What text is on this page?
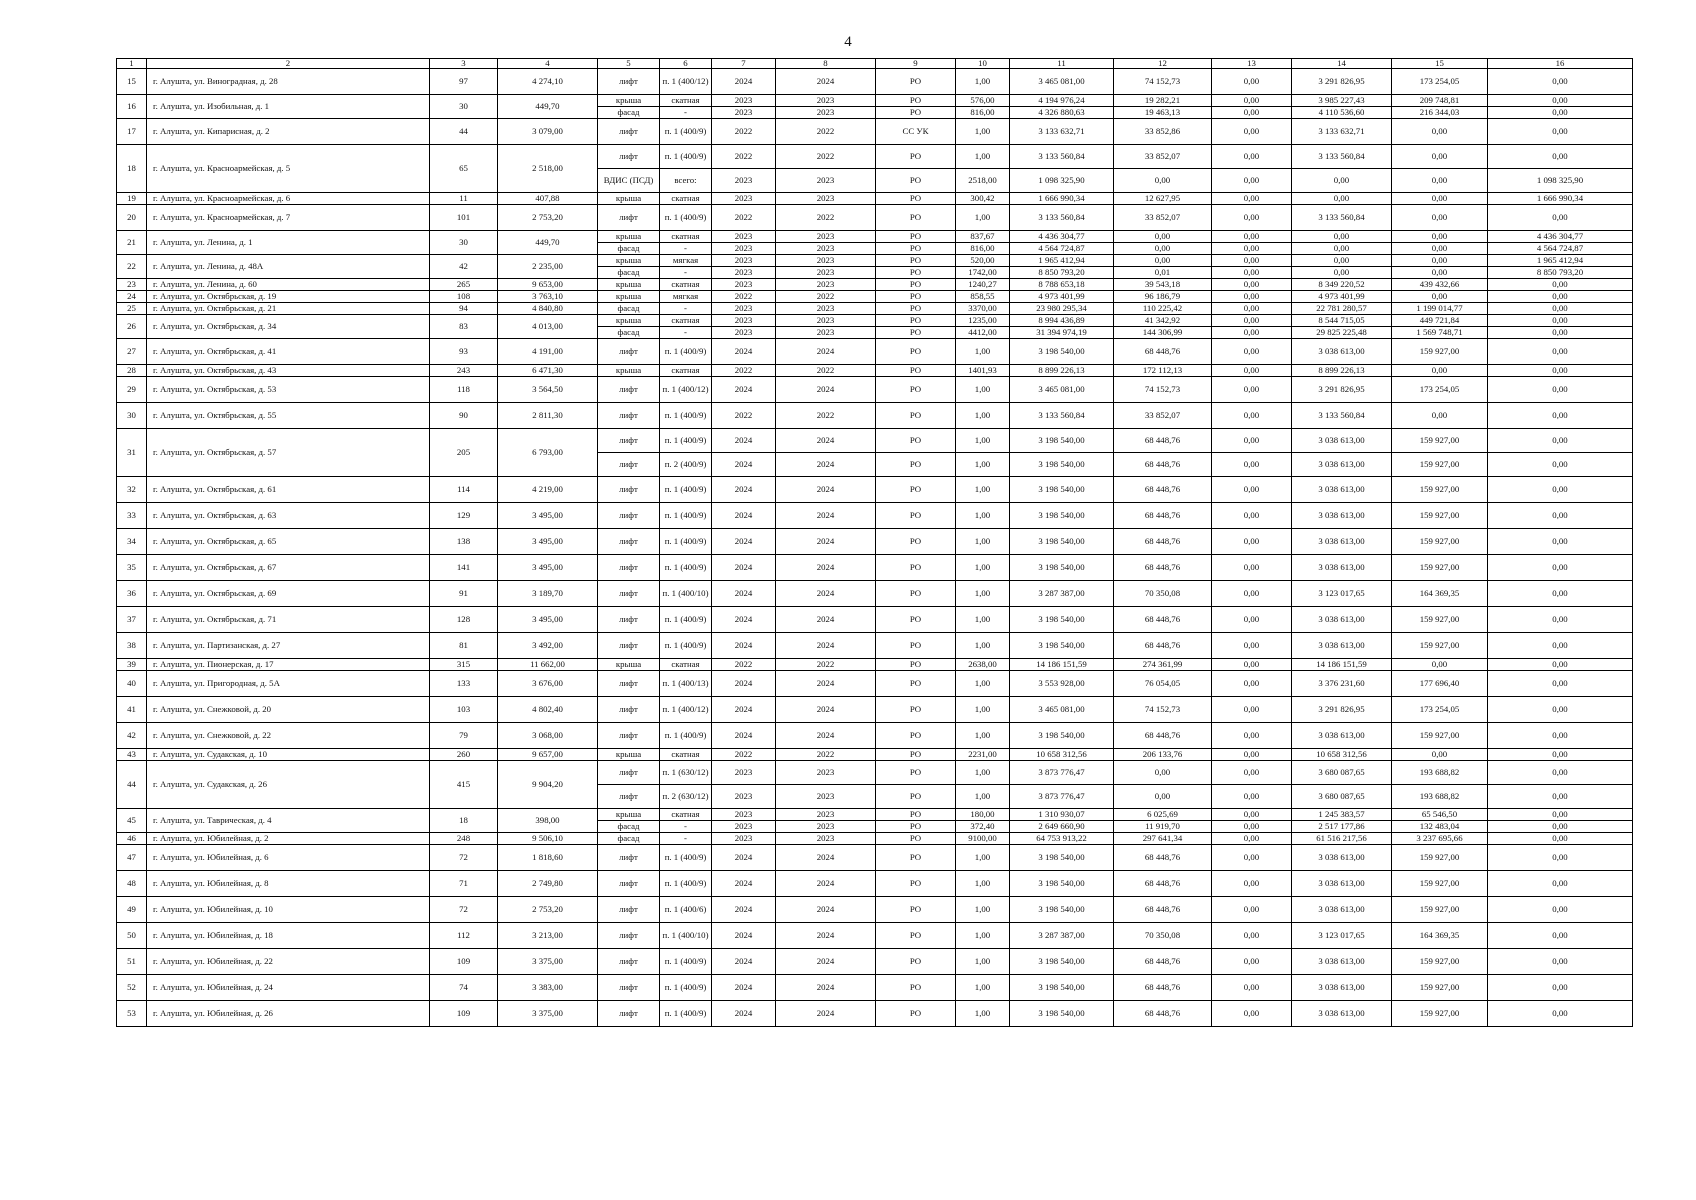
4
1	2	3	4	5	6	7	8	9	10	11	12	13	14	15	16
15	г. Алушта, ул. Виноградная, д. 28	97	4 274,10	лифт	п. 1 (400/12)	2024	2024	РО	1,00	3 465 081,00	74 152,73	0,00	3 291 826,95	173 254,05	0,00
16	г. Алушта, ул. Изобильная, д. 1	30	449,70	крыша	скатная	2023	2023	РО	576,00	4 194 976,24	19 282,21	0,00	3 985 227,43	209 748,81	0,00
				фасад	-	2023	2023	РО	816,00	4 326 880,63	19 463,13	0,00	4 110 536,60	216 344,03	0,00
17	г. Алушта, ул. Кипарисная, д. 2	44	3 079,00	лифт	п. 1 (400/9)	2022	2022	СС УК	1,00	3 133 632,71	33 852,86	0,00	3 133 632,71	0,00	0,00
18	г. Алушта, ул. Красноармейская, д. 5	65	2 518,00	лифт	п. 1 (400/9)	2022	2022	РО	1,00	3 133 560,84	33 852,07	0,00	3 133 560,84	0,00	0,00
				ВДИС (ПСД)	всего:	2023	2023	РО	2518,00	1 098 325,90	0,00	0,00	0,00	0,00	1 098 325,90
19	г. Алушта, ул. Красноармейская, д. 6	11	407,88	крыша	скатная	2023	2023	РО	300,42	1 666 990,34	12 627,95	0,00	0,00	0,00	1 666 990,34
20	г. Алушта, ул. Красноармейская, д. 7	101	2 753,20	лифт	п. 1 (400/9)	2022	2022	РО	1,00	3 133 560,84	33 852,07	0,00	3 133 560,84	0,00	0,00
21	г. Алушта, ул. Ленина, д. 1	30	449,70	крыша	скатная	2023	2023	РО	837,67	4 436 304,77	0,00	0,00	0,00	0,00	4 436 304,77
				фасад	-	2023	2023	РО	816,00	4 564 724,87	0,00	0,00	0,00	0,00	4 564 724,87
22	г. Алушта, ул. Ленина, д. 48А	42	2 235,00	крыша	мягкая	2023	2023	РО	520,00	1 965 412,94	0,00	0,00	0,00	0,00	1 965 412,94
				фасад	-	2023	2023	РО	1742,00	8 850 793,20	0,01	0,00	0,00	0,00	8 850 793,20
23	г. Алушта, ул. Ленина, д. 60	265	9 653,00	крыша	скатная	2023	2023	РО	1240,27	8 788 653,18	39 543,18	0,00	8 349 220,52	439 432,66	0,00
24	г. Алушта, ул. Октябрьская, д. 19	108	3 763,10	крыша	мягкая	2022	2022	РО	858,55	4 973 401,99	96 186,79	0,00	4 973 401,99	0,00	0,00
25	г. Алушта, ул. Октябрьская, д. 21	94	4 840,80	фасад	-	2023	2023	РО	3370,00	23 980 295,34	110 225,42	0,00	22 781 280,57	1 199 014,77	0,00
26	г. Алушта, ул. Октябрьская, д. 34	83	4 013,00	крыша	скатная	2023	2023	РО	1235,00	8 994 436,89	41 342,92	0,00	8 544 715,05	449 721,84	0,00
				фасад	-	2023	2023	РО	4412,00	31 394 974,19	144 306,99	0,00	29 825 225,48	1 569 748,71	0,00
27	г. Алушта, ул. Октябрьская, д. 41	93	4 191,00	лифт	п. 1 (400/9)	2024	2024	РО	1,00	3 198 540,00	68 448,76	0,00	3 038 613,00	159 927,00	0,00
28	г. Алушта, ул. Октябрьская, д. 43	243	6 471,30	крыша	скатная	2022	2022	РО	1401,93	8 899 226,13	172 112,13	0,00	8 899 226,13	0,00	0,00
29	г. Алушта, ул. Октябрьская, д. 53	118	3 564,50	лифт	п. 1 (400/12)	2024	2024	РО	1,00	3 465 081,00	74 152,73	0,00	3 291 826,95	173 254,05	0,00
30	г. Алушта, ул. Октябрьская, д. 55	90	2 811,30	лифт	п. 1 (400/9)	2022	2022	РО	1,00	3 133 560,84	33 852,07	0,00	3 133 560,84	0,00	0,00
31	г. Алушта, ул. Октябрьская, д. 57	205	6 793,00	лифт	п. 1 (400/9)	2024	2024	РО	1,00	3 198 540,00	68 448,76	0,00	3 038 613,00	159 927,00	0,00
				лифт	п. 2 (400/9)	2024	2024	РО	1,00	3 198 540,00	68 448,76	0,00	3 038 613,00	159 927,00	0,00
32	г. Алушта, ул. Октябрьская, д. 61	114	4 219,00	лифт	п. 1 (400/9)	2024	2024	РО	1,00	3 198 540,00	68 448,76	0,00	3 038 613,00	159 927,00	0,00
33	г. Алушта, ул. Октябрьская, д. 63	129	3 495,00	лифт	п. 1 (400/9)	2024	2024	РО	1,00	3 198 540,00	68 448,76	0,00	3 038 613,00	159 927,00	0,00
34	г. Алушта, ул. Октябрьская, д. 65	138	3 495,00	лифт	п. 1 (400/9)	2024	2024	РО	1,00	3 198 540,00	68 448,76	0,00	3 038 613,00	159 927,00	0,00
35	г. Алушта, ул. Октябрьская, д. 67	141	3 495,00	лифт	п. 1 (400/9)	2024	2024	РО	1,00	3 198 540,00	68 448,76	0,00	3 038 613,00	159 927,00	0,00
36	г. Алушта, ул. Октябрьская, д. 69	91	3 189,70	лифт	п. 1 (400/10)	2024	2024	РО	1,00	3 287 387,00	70 350,08	0,00	3 123 017,65	164 369,35	0,00
37	г. Алушта, ул. Октябрьская, д. 71	128	3 495,00	лифт	п. 1 (400/9)	2024	2024	РО	1,00	3 198 540,00	68 448,76	0,00	3 038 613,00	159 927,00	0,00
38	г. Алушта, ул. Партизанская, д. 27	81	3 492,00	лифт	п. 1 (400/9)	2024	2024	РО	1,00	3 198 540,00	68 448,76	0,00	3 038 613,00	159 927,00	0,00
39	г. Алушта, ул. Пионерская, д. 17	315	11 662,00	крыша	скатная	2022	2022	РО	2638,00	14 186 151,59	274 361,99	0,00	14 186 151,59	0,00	0,00
40	г. Алушта, ул. Пригородная, д. 5А	133	3 676,00	лифт	п. 1 (400/13)	2024	2024	РО	1,00	3 553 928,00	76 054,05	0,00	3 376 231,60	177 696,40	0,00
41	г. Алушта, ул. Снежковой, д. 20	103	4 802,40	лифт	п. 1 (400/12)	2024	2024	РО	1,00	3 465 081,00	74 152,73	0,00	3 291 826,95	173 254,05	0,00
42	г. Алушта, ул. Снежковой, д. 22	79	3 068,00	лифт	п. 1 (400/9)	2024	2024	РО	1,00	3 198 540,00	68 448,76	0,00	3 038 613,00	159 927,00	0,00
43	г. Алушта, ул. Судакская, д. 10	260	9 657,00	крыша	скатная	2022	2022	РО	2231,00	10 658 312,56	206 133,76	0,00	10 658 312,56	0,00	0,00
44	г. Алушта, ул. Судакская, д. 26	415	9 904,20	лифт	п. 1 (630/12)	2023	2023	РО	1,00	3 873 776,47	0,00	0,00	3 680 087,65	193 688,82	0,00
				лифт	п. 2 (630/12)	2023	2023	РО	1,00	3 873 776,47	0,00	0,00	3 680 087,65	193 688,82	0,00
45	г. Алушта, ул. Таврическая, д. 4	18	398,00	крыша	скатная	2023	2023	РО	180,00	1 310 930,07	6 025,69	0,00	1 245 383,57	65 546,50	0,00
				фасад	-	2023	2023	РО	372,40	2 649 660,90	11 919,70	0,00	2 517 177,86	132 483,04	0,00
46	г. Алушта, ул. Юбилейная, д. 2	248	9 506,10	фасад	-	2023	2023	РО	9100,00	64 753 913,22	297 641,34	0,00	61 516 217,56	3 237 695,66	0,00
47	г. Алушта, ул. Юбилейная, д. 6	72	1 818,60	лифт	п. 1 (400/9)	2024	2024	РО	1,00	3 198 540,00	68 448,76	0,00	3 038 613,00	159 927,00	0,00
48	г. Алушта, ул. Юбилейная, д. 8	71	2 749,80	лифт	п. 1 (400/9)	2024	2024	РО	1,00	3 198 540,00	68 448,76	0,00	3 038 613,00	159 927,00	0,00
49	г. Алушта, ул. Юбилейная, д. 10	72	2 753,20	лифт	п. 1 (400/6)	2024	2024	РО	1,00	3 198 540,00	68 448,76	0,00	3 038 613,00	159 927,00	0,00
50	г. Алушта, ул. Юбилейная, д. 18	112	3 213,00	лифт	п. 1 (400/10)	2024	2024	РО	1,00	3 287 387,00	70 350,08	0,00	3 123 017,65	164 369,35	0,00
51	г. Алушта, ул. Юбилейная, д. 22	109	3 375,00	лифт	п. 1 (400/9)	2024	2024	РО	1,00	3 198 540,00	68 448,76	0,00	3 038 613,00	159 927,00	0,00
52	г. Алушта, ул. Юбилейная, д. 24	74	3 383,00	лифт	п. 1 (400/9)	2024	2024	РО	1,00	3 198 540,00	68 448,76	0,00	3 038 613,00	159 927,00	0,00
53	г. Алушта, ул. Юбилейная, д. 26	109	3 375,00	лифт	п. 1 (400/9)	2024	2024	РО	1,00	3 198 540,00	68 448,76	0,00	3 038 613,00	159 927,00	0,00
